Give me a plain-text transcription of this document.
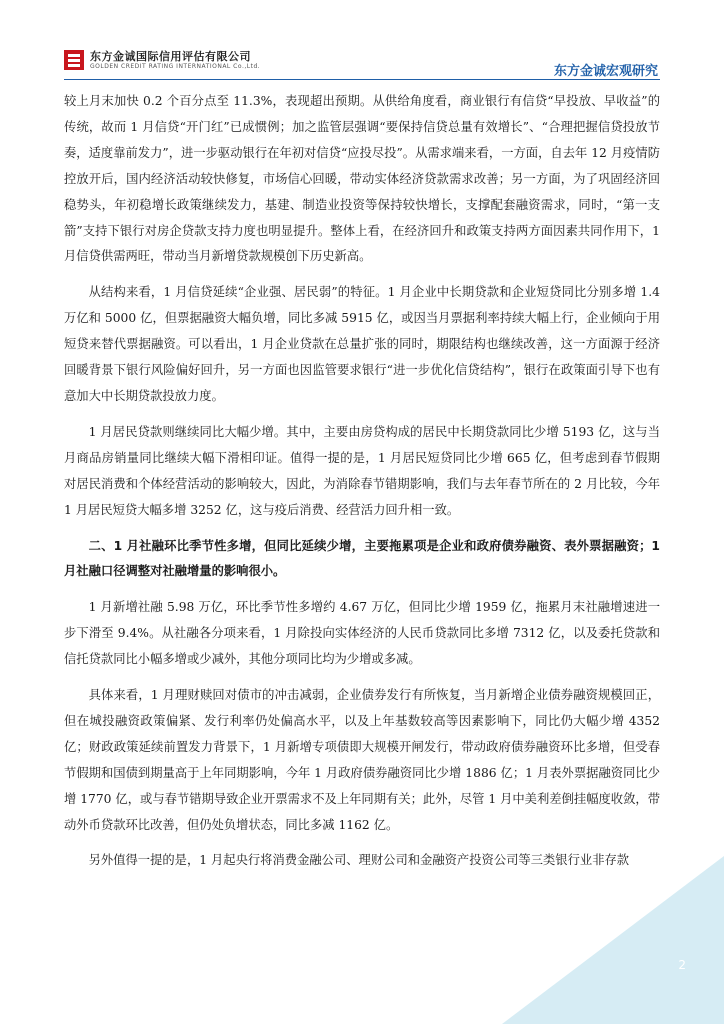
东方金诚国际信用评估有限公司
GOLDEN CREDIT RATING INTERNATIONAL Co.,Ltd.	东方金诚宏观研究

较上月末加快 0.2 个百分点至 11.3%，表现超出预期。从供给角度看，商业银行有信贷“早投放、早收益”的传统，故而 1 月信贷“开门红”已成惯例；加之监管层强调“要保持信贷总量有效增长”、“合理把握信贷投放节奏，适度靠前发力”，进一步驱动银行在年初对信贷“应投尽投”。从需求端来看，一方面，自去年 12 月疫情防控放开后，国内经济活动较快修复，市场信心回暖，带动实体经济贷款需求改善；另一方面，为了巩固经济回稳势头，年初稳增长政策继续发力，基建、制造业投资等保持较快增长，支撑配套融资需求，同时，“第一支箭”支持下银行对房企贷款支持力度也明显提升。整体上看，在经济回升和政策支持两方面因素共同作用下，1 月信贷供需两旺，带动当月新增贷款规模创下历史新高。

从结构来看，1 月信贷延续“企业强、居民弱”的特征。1 月企业中长期贷款和企业短贷同比分别多增 1.4 万亿和 5000 亿，但票据融资大幅负增，同比多减 5915 亿，或因当月票据利率持续大幅上行，企业倾向于用短贷来替代票据融资。可以看出，1 月企业贷款在总量扩张的同时，期限结构也继续改善，这一方面源于经济回暖背景下银行风险偏好回升，另一方面也因监管要求银行“进一步优化信贷结构”，银行在政策面引导下也有意加大中长期贷款投放力度。

1 月居民贷款则继续同比大幅少增。其中，主要由房贷构成的居民中长期贷款同比少增 5193 亿，这与当月商品房销量同比继续大幅下滑相印证。值得一提的是，1 月居民短贷同比少增 665 亿，但考虑到春节假期对居民消费和个体经营活动的影响较大，因此，为消除春节错期影响，我们与去年春节所在的 2 月比较，今年 1 月居民短贷大幅多增 3252 亿，这与疫后消费、经营活力回升相一致。

二、1 月社融环比季节性多增，但同比延续少增，主要拖累项是企业和政府债券融资、表外票据融资；1 月社融口径调整对社融增量的影响很小。

1 月新增社融 5.98 万亿，环比季节性多增约 4.67 万亿，但同比少增 1959 亿，拖累月末社融增速进一步下滑至 9.4%。从社融各分项来看，1 月除投向实体经济的人民币贷款同比多增 7312 亿，以及委托贷款和信托贷款同比小幅多增或少减外，其他分项同比均为少增或多减。

具体来看，1 月理财赎回对债市的冲击减弱，企业债券发行有所恢复，当月新增企业债券融资规模回正，但在城投融资政策偏紧、发行利率仍处偏高水平，以及上年基数较高等因素影响下，同比仍大幅少增 4352 亿；财政政策延续前置发力背景下，1 月新增专项债即大规模开闸发行，带动政府债券融资环比多增，但受春节假期和国债到期量高于上年同期影响，今年 1 月政府债券融资同比少增 1886 亿；1 月表外票据融资同比少增 1770 亿，或与春节错期导致企业开票需求不及上年同期有关；此外，尽管 1 月中美利差倒挂幅度收敛，带动外币贷款环比改善，但仍处负增状态，同比多减 1162 亿。

另外值得一提的是，1 月起央行将消费金融公司、理财公司和金融资产投资公司等三类银行业非存款

2
